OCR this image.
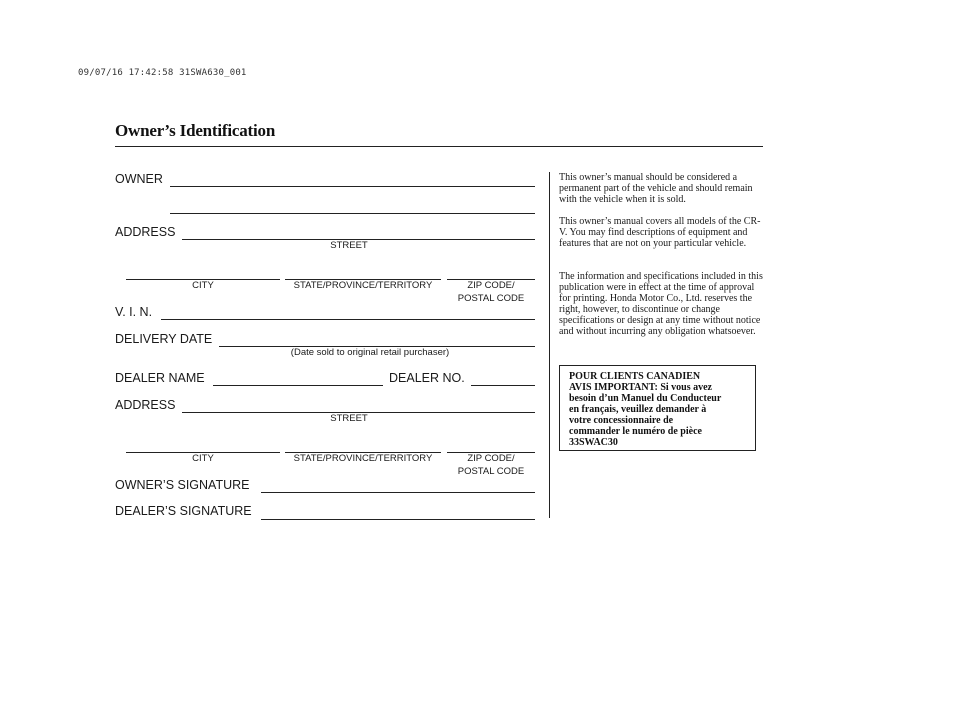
09/07/16 17:42:58 31SWA630_001
Owner’s Identification
OWNER
ADDRESS
STREET
CITY	STATE/PROVINCE/TERRITORY	ZIP CODE/
POSTAL CODE
V. I. N.
DELIVERY DATE
(Date sold to original retail purchaser)
DEALER NAME	DEALER NO.
ADDRESS
STREET
CITY	STATE/PROVINCE/TERRITORY	ZIP CODE/
POSTAL CODE
OWNER’S SIGNATURE
DEALER’S SIGNATURE
This owner’s manual should be considered a permanent part of the vehicle and should remain with the vehicle when it is sold.
This owner’s manual covers all models of the CR-V. You may find descriptions of equipment and features that are not on your particular vehicle.
The information and specifications included in this publication were in effect at the time of approval for printing. Honda Motor Co., Ltd. reserves the right, however, to discontinue or change specifications or design at any time without notice and without incurring any obligation whatsoever.
POUR CLIENTS CANADIEN
AVIS IMPORTANT: Si vous avez
besoin d’un Manuel du Conducteur
en français, veuillez demander à
votre concessionnaire de
commander le numéro de pièce
33SWAC30
